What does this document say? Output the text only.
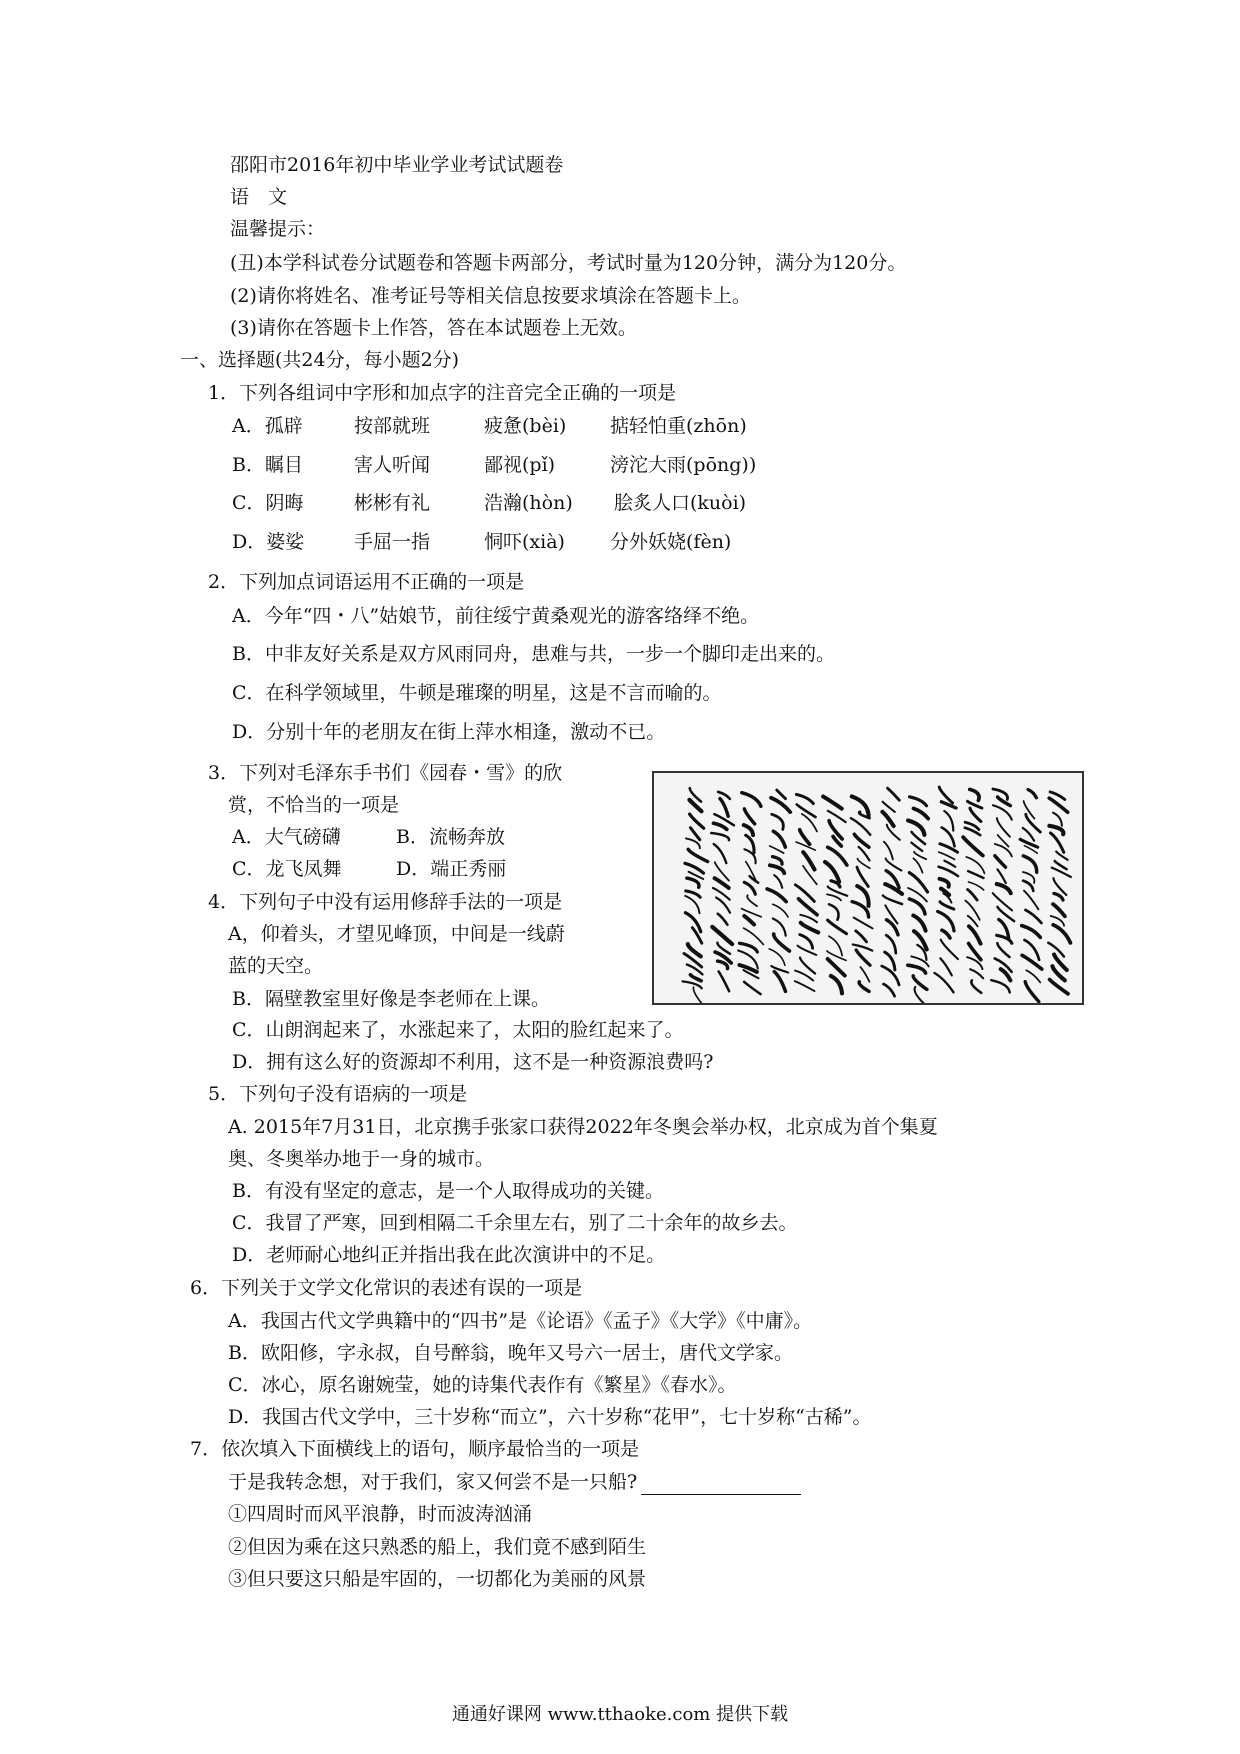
邵阳市2016年初中毕业学业考试试题卷
语　文
温馨提示：
(丑)本学科试卷分试题卷和答题卡两部分，考试时量为120分钟，满分为120分。
(2)请你将姓名、准考证号等相关信息按要求填涂在答题卡上。
(3)请你在答题卡上作答，答在本试题卷上无效。
一、选择题(共24分，每小题2分)
1．下列各组词中字形和加点字的注音完全正确的一项是
A．孤辟	按部就班	疲惫(bèi) 掂轻怕重(zhōn)
B．瞩目	害人听闻	鄙视(pǐ)	滂沱大雨(pōng))
C．阴晦	彬彬有礼	浩瀚(hòn) 脍炙人口(kuòi)
D．婆娑	手屈一指	恫吓(xià) 分外妖娆(fèn)
2．下列加点词语运用不正确的一项是
A．今年“四・八”姑娘节，前往绥宁黄桑观光的游客络绎不绝。
B．中非友好关系是双方风雨同舟，患难与共，一步一个脚印走出来的。
C．在科学领域里，牛顿是璀璨的明星，这是不言而喻的。
D．分别十年的老朋友在街上萍水相逢，激动不已。
3．下列对毛泽东手书们《园春・雪》的欣
赏，不恰当的一项是
A．大气磅礴	B．流畅奔放
C．龙飞凤舞	D．端正秀丽
4．下列句子中没有运用修辞手法的一项是
A，仰着头，才望见峰顶，中间是一线蔚
蓝的天空。
B．隔壁教室里好像是李老师在上课。
C．山朗润起来了，水涨起来了，太阳的脸红起来了。
D．拥有这么好的资源却不利用，这不是一种资源浪费吗?
5．下列句子没有语病的一项是
A. 2015年7月31日，北京携手张家口获得2022年冬奥会举办权，北京成为首个集夏
奥、冬奥举办地于一身的城市。
B．有没有坚定的意志，是一个人取得成功的关键。
C．我冒了严寒，回到相隔二千余里左右，别了二十余年的故乡去。
D．老师耐心地纠正并指出我在此次演讲中的不足。
6．下列关于文学文化常识的表述有误的一项是
A．我国古代文学典籍中的“四书”是《论语》《孟子》《大学》《中庸》。
B．欧阳修，字永叔，自号醉翁，晚年又号六一居士，唐代文学家。
C．冰心，原名谢婉莹，她的诗集代表作有《繁星》《春水》。
D．我国古代文学中，三十岁称“而立”，六十岁称“花甲”，七十岁称“古稀”。
7．依次填入下面横线上的语句，顺序最恰当的一项是
于是我转念想，对于我们，家又何尝不是一只船?
①四周时而风平浪静，时而波涛汹涌
②但因为乘在这只熟悉的船上，我们竟不感到陌生
③但只要这只船是牢固的，一切都化为美丽的风景
通通好课网 www.tthaoke.com 提供下载
